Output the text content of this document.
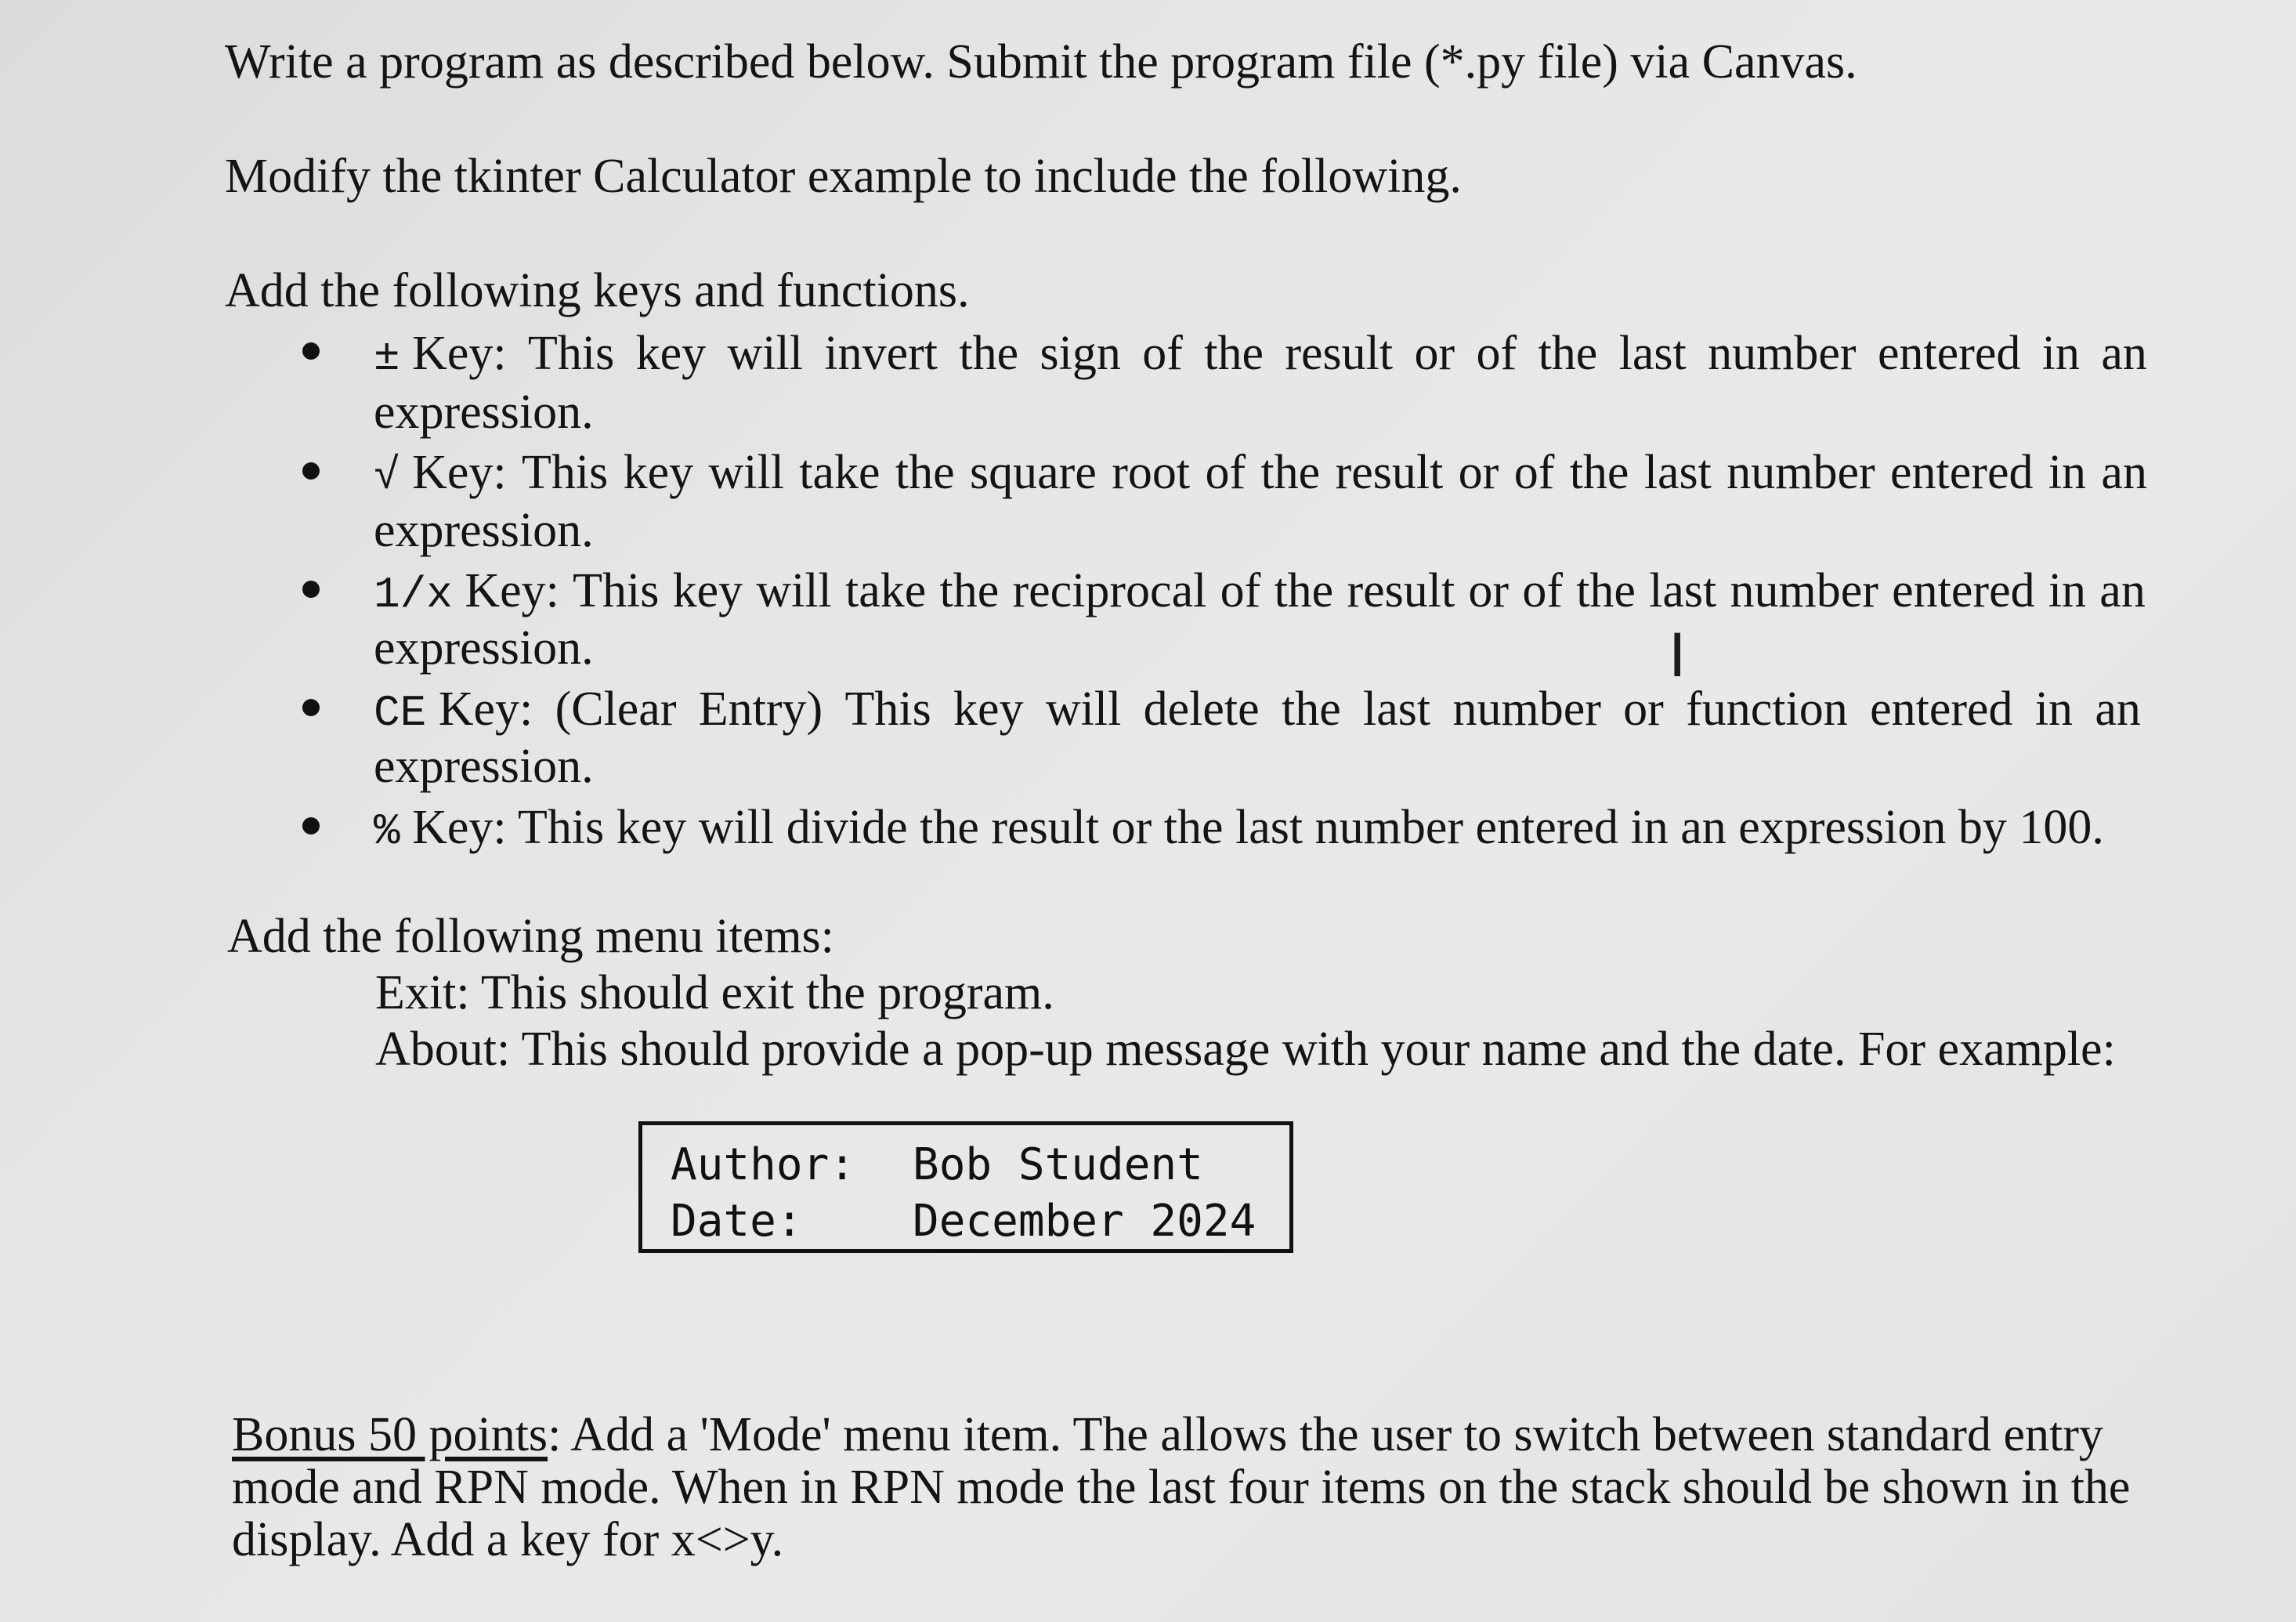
Write a program as described below. Submit the program file (*.py file) via Canvas.
Modify the tkinter Calculator example to include the following.
Add the following keys and functions.
± Key: This key will invert the sign of the result or of the last number entered in an
expression.
√ Key: This key will take the square root of the result or of the last number entered in an
expression.
1/x Key: This key will take the reciprocal of the result or of the last number entered in an
expression.
CE Key: (Clear Entry) This key will delete the last number or function entered in an
expression.
% Key: This key will divide the result or the last number entered in an expression by 100.
Add the following menu items:
Exit: This should exit the program.
About: This should provide a pop-up message with your name and the date. For example:
Author: Bob Student
Date:	December 2024
Bonus 50 points: Add a 'Mode' menu item. The allows the user to switch between standard entry
mode and RPN mode. When in RPN mode the last four items on the stack should be shown in the
display. Add a key for x<>y.
Ι
